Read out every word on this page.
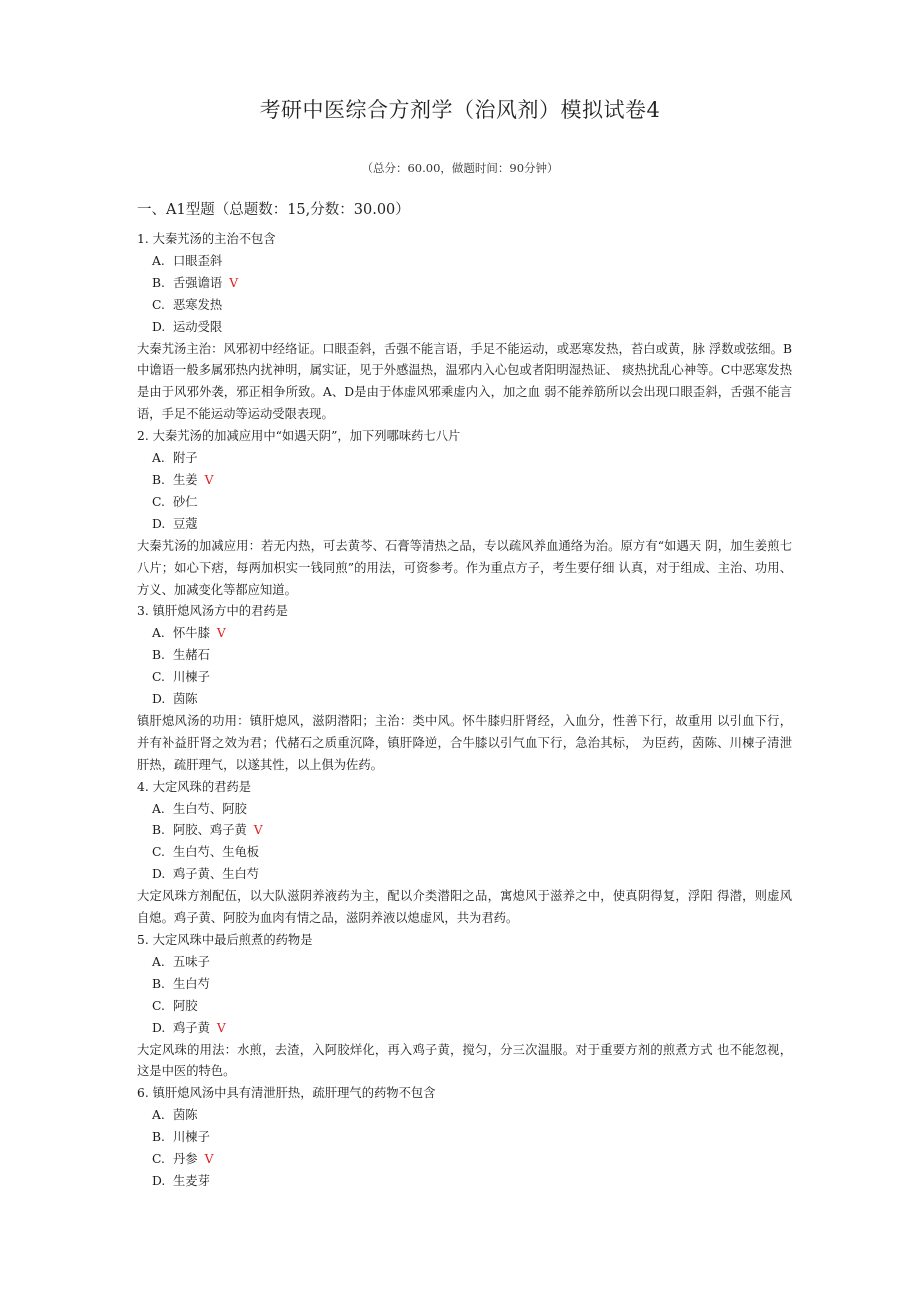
考研中医综合方剂学（治风剂）模拟试卷4
（总分：60.00，做题时间：90分钟）
一、A1型题（总题数：15,分数：30.00）

1. 大秦艽汤的主治不包含

A. 口眼歪斜

B. 舌强谵语 V

C. 恶寒发热

D. 运动受限

大秦艽汤主治：风邪初中经络证。口眼歪斜，舌强不能言语，手足不能运动，或恶寒发热，苔白或黄，脉 浮数或弦细。B中谵语一般多属邪热内扰神明，属实证，见于外感温热，温邪内入心包或者阳明湿热证、 痰热扰乱心神等。C中恶寒发热是由于风邪外袭，邪正相争所致。A、D是由于体虚风邪乘虚内入，加之血 弱不能养筋所以会出现口眼歪斜，舌强不能言语，手足不能运动等运动受限表现。

2. 大秦艽汤的加减应用中“如遇天阴”，加下列哪味药七八片

A. 附子

B. 生姜 V

C. 砂仁

D. 豆蔻

大秦艽汤的加减应用：若无内热，可去黄芩、石膏等清热之品，专以疏风养血通络为治。原方有“如遇天 阴，加生姜煎七八片；如心下痞，每两加枳实一钱同煎”的用法，可资参考。作为重点方子，考生要仔细 认真，对于组成、主治、功用、方义、加减变化等都应知道。

3. 镇肝熄风汤方中的君药是

A. 怀牛膝 V

B. 生赭石

C. 川楝子

D. 茵陈

镇肝熄风汤的功用：镇肝熄风，滋阴潜阳；主治：类中风。怀牛膝归肝肾经，入血分，性善下行，故重用 以引血下行，并有补益肝肾之效为君；代赭石之质重沉降，镇肝降逆，合牛膝以引气血下行，急治其标， 为臣药，茵陈、川楝子清泄肝热，疏肝理气，以遂其性，以上俱为佐药。

4. 大定风珠的君药是

A. 生白芍、阿胶

B. 阿胶、鸡子黄 V

C. 生白芍、生龟板

D. 鸡子黄、生白芍

大定风珠方剂配伍，以大队滋阴养液药为主，配以介类潜阳之品，寓熄风于滋养之中，使真阴得复，浮阳 得潜，则虚风自熄。鸡子黄、阿胶为血肉有情之品，滋阴养液以熄虚风，共为君药。

5. 大定风珠中最后煎煮的药物是

A. 五味子

B. 生白芍

C. 阿胶

D. 鸡子黄 V

大定风珠的用法：水煎，去渣，入阿胶烊化，再入鸡子黄，搅匀，分三次温服。对于重要方剂的煎煮方式 也不能忽视，这是中医的特色。

6. 镇肝熄风汤中具有清泄肝热，疏肝理气的药物不包含

A. 茵陈

B. 川楝子

C. 丹参 V

D. 生麦芽
